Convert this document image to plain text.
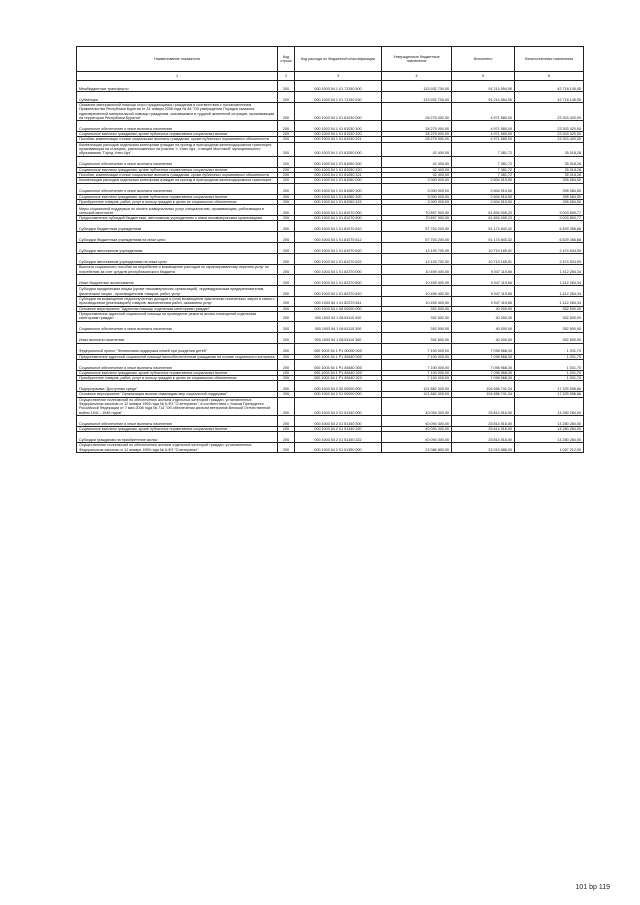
Наименование показателя	Код строки	Код расхода по бюджетной классификации	Утвержденные бюджетные назначения	Исполнено	Неисполненные назначения
1	2	3	4	5	6
Межбюджетные трансферты	200	000 1003 54 1 01 73150 500	133 932 700,00	91 214 554,95	42 718 145,05
Субвенции	200	000 1003 54 1 01 73150 530	133 932 700,00	91 214 554,95	42 718 145,05
Оказание материальной помощи остро нуждающимся гражданам в соответствии с постановлением Правительства Республики Бурятия от 31 января 2008 года № 48 "Об утверждении Порядка оказания единовременной материальной помощи гражданам, оказавшимся в трудной жизненной ситуации, проживающим на территории Республики Бурятия"	200	000 1003 54 1 01 81030 000	28 275 000,00	4 971 580,00	23 303 420,00
Социальное обеспечение и иные выплаты населению	200	000 1003 54 1 01 81030 300	28 275 000,00	4 971 580,00	23 303 420,00
Социальные выплаты гражданам, кроме публичных нормативных социальных выплат	200	000 1003 54 1 01 81030 320	28 275 000,00	4 971 580,00	23 303 420,00
Пособия, компенсации и иные социальные выплаты гражданам, кроме публичных нормативных обязательств	200	000 1003 54 1 01 81030 321	28 275 000,00	4 971 580,00	23 303 420,00
Компенсация расходов отдельным категориям граждан на проезд в пригородном железнодорожном транспорте, проживающим на станциях, расположенных на участке "г. Улан-Удэ - станция Мостовой" муниципального образования "Город Улан-Удэ"	200	000 1003 54 1 01 81050 000	42 400,00	7 381,72	35 018,28
Социальное обеспечение и иные выплаты населению	200	000 1003 54 1 01 81050 300	42 400,00	7 381,72	35 018,28
Социальные выплаты гражданам, кроме публичных нормативных социальных выплат	200	000 1003 54 1 01 81050 320	42 400,00	7 381,72	35 018,28
Пособия, компенсации и иные социальные выплаты гражданам, кроме публичных нормативных обязательств	200	000 1003 54 1 01 81050 321	42 400,00	7 381,72	35 018,28
Компенсация расходов отдельным категориям граждан на проезд в пригородном железнодорожном транспорте	200	000 1003 54 1 01 81060 000	3 000 000,00	2 604 915,50	395 084,50
Социальное обеспечение и иные выплаты населению	200	000 1003 54 1 01 81060 300	3 000 000,00	2 604 915,50	395 084,50
Социальные выплаты гражданам, кроме публичных нормативных социальных выплат	200	000 1003 54 1 01 81060 320	3 000 000,00	2 604 915,50	395 084,50
Приобретение товаров, работ, услуг в пользу граждан в целях их социального обеспечения	200	000 1003 54 1 01 81060 323	3 000 000,00	2 604 915,50	395 084,50
Меры социальной поддержки по оплате коммунальных услуг специалистам, проживающим, работающим в сельской местности	200	000 1003 54 1 01 81070 000	70 897 900,00	61 894 009,23	9 003 890,77
Предоставление субсидий бюджетным, автономным учреждениям и иным некоммерческим организациям	200	000 1003 54 1 01 81070 600	70 897 900,00	61 894 009,23	9 003 890,77
Субсидии бюджетным учреждениям	200	000 1003 54 1 01 81070 610	57 704 200,00	51 174 843,32	6 529 356,68
Субсидии бюджетным учреждениям на иные цели	200	000 1003 54 1 01 81070 612	57 704 200,00	51 174 843,32	6 529 356,68
Субсидии автономным учреждениям	200	000 1003 54 1 01 81070 620	13 193 700,00	10 719 165,91	2 474 534,09
Субсидии автономным учреждениям на иные цели	200	000 1003 54 1 01 81070 622	13 193 700,00	10 719 165,91	2 474 534,09
Выплата социального пособия на погребение и возмещение расходов по гарантированному перечню услуг по погребению за счет средств республиканского бюджета	200	000 1003 54 1 01 82370 000	10 459 400,00	9 047 115,66	1 412 284,34
Иные бюджетные ассигнования	200	000 1003 54 1 01 82370 800	10 459 400,00	9 047 115,66	1 412 284,34
Субсидии юридическим лицам (кроме некоммерческих организаций), индивидуальным предпринимателям, физическим лицам - производителям товаров, работ, услуг	200	000 1003 54 1 01 82370 810	10 459 400,00	9 047 115,66	1 412 284,34
Субсидии на возмещение недополученных доходов и (или) возмещение фактически понесенных затрат в связи с производством (реализацией) товаров, выполнением работ, оказанием услуг	200	000 1003 54 1 01 82370 811	10 459 400,00	9 047 115,66	1 412 284,34
Основное мероприятие "Адресная помощь отдельным категориям граждан"	200	000 1003 54 1 08 00000 000	392 500,00	40 000,00	352 500,00
Предоставление адресной социальной помощи на проведение ремонта жилых помещений отдельным категориям граждан	200	000 1003 54 1 08 81110 000	392 500,00	40 000,00	352 500,00
Социальное обеспечение и иные выплаты населению	200	000 1003 54 1 08 81110 300	392 500,00	40 000,00	352 500,00
Иные выплаты населению	200	000 1003 54 1 08 81110 360	392 500,00	40 000,00	352 500,00
Федеральный проект "Финансовая поддержка семей при рождении детей"	200	000 1003 54 1 P1 00000 000	7 100 000,00	7 098 968,30	1 031,70
Предоставление адресной социальной помощи малообеспеченным гражданам на основе социального контракта	200	000 1003 54 1 P1 83640 000	7 100 000,00	7 098 968,30	1 031,70
Социальное обеспечение и иные выплаты населению	200	000 1003 54 1 P1 83640 300	7 100 000,00	7 098 968,30	1 031,70
Социальные выплаты гражданам, кроме публичных нормативных социальных выплат	200	000 1003 54 1 P1 83640 320	7 100 000,00	7 098 968,30	1 031,70
Приобретение товаров, работ, услуг в пользу граждан в целях их социального обеспечения	200	000 1003 54 1 P1 83640 323	7 100 000,00	7 098 968,30	1 031,70
Подпрограмма "Доступная среда"	200	000 1003 54 2 00 00000 000	121 882 300,00	104 556 741,34	17 325 558,66
Основное мероприятие "Организация выплат инвалидам мер социальной поддержки"	200	000 1003 54 2 01 00000 000	121 882 300,00	104 556 741,34	17 325 558,66
Осуществление полномочий по обеспечению жильем отдельных категорий граждан, установленных Федеральным законом от 12 января 1995 года № 5-ФЗ "О ветеранах", в соответствии с Указом Президента Российской Федерации от 7 мая 2008 года № 714 "Об обеспечении жильем ветеранов Великой Отечественной войны 1941 - 1945 годов"	200	000 1003 54 2 01 51340 000	40 094 300,00	25 814 016,00	14 280 284,00
Социальное обеспечение и иные выплаты населению	200	000 1003 54 2 01 51340 300	40 094 300,00	25 814 016,00	14 280 284,00
Социальные выплаты гражданам, кроме публичных нормативных социальных выплат	200	000 1003 54 2 01 51340 320	40 094 300,00	25 814 016,00	14 280 284,00
Субсидии гражданам на приобретение жилья	200	000 1003 54 2 01 51340 322	40 094 300,00	25 814 016,00	14 280 284,00
Осуществление полномочий по обеспечению жильем отдельных категорий граждан, установленных Федеральным законом от 12 января 1995 года № 5-ФЗ "О ветеранах"	200	000 1003 54 2 01 51350 000	23 086 800,00	22 019 588,00	1 067 212,00
101 bp 119
